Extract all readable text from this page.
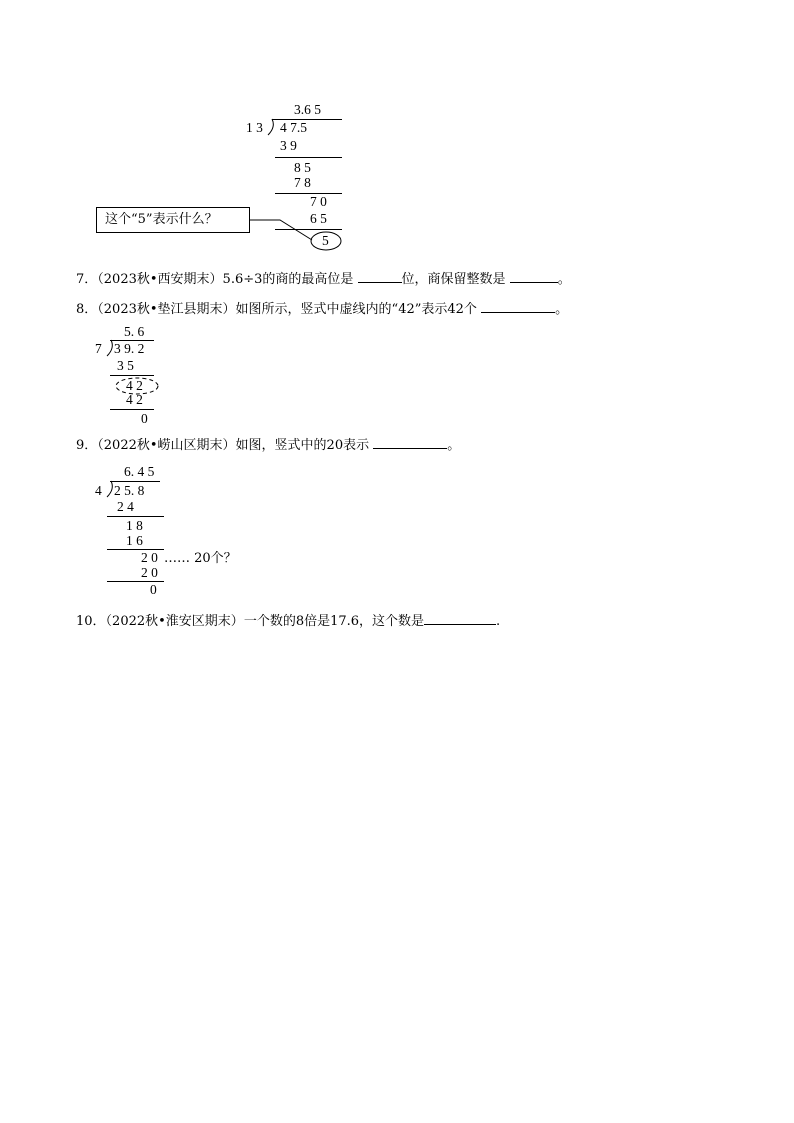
3.6 5
1 3 4 7.5
3 9
8 5
7 8
7 0
6 5
5
这个“5”表示什么？
7．（2023秋•西安期末）5.6÷3的商的最高位是	位，商保留整数是	。
8．（2023秋•垫江县期末）如图所示，竖式中虚线内的“42”表示42个	。
5. 6
7 3 9. 2
3 5
4 2
4 2
0
9．（2022秋•崂山区期末）如图，竖式中的20表示	。
6. 4 5
4 2 5. 8
2 4
1 8
1 6
2 0 …… 20个？
2 0
0
10．（2022秋•淮安区期末）一个数的8倍是17.6，这个数是	.
